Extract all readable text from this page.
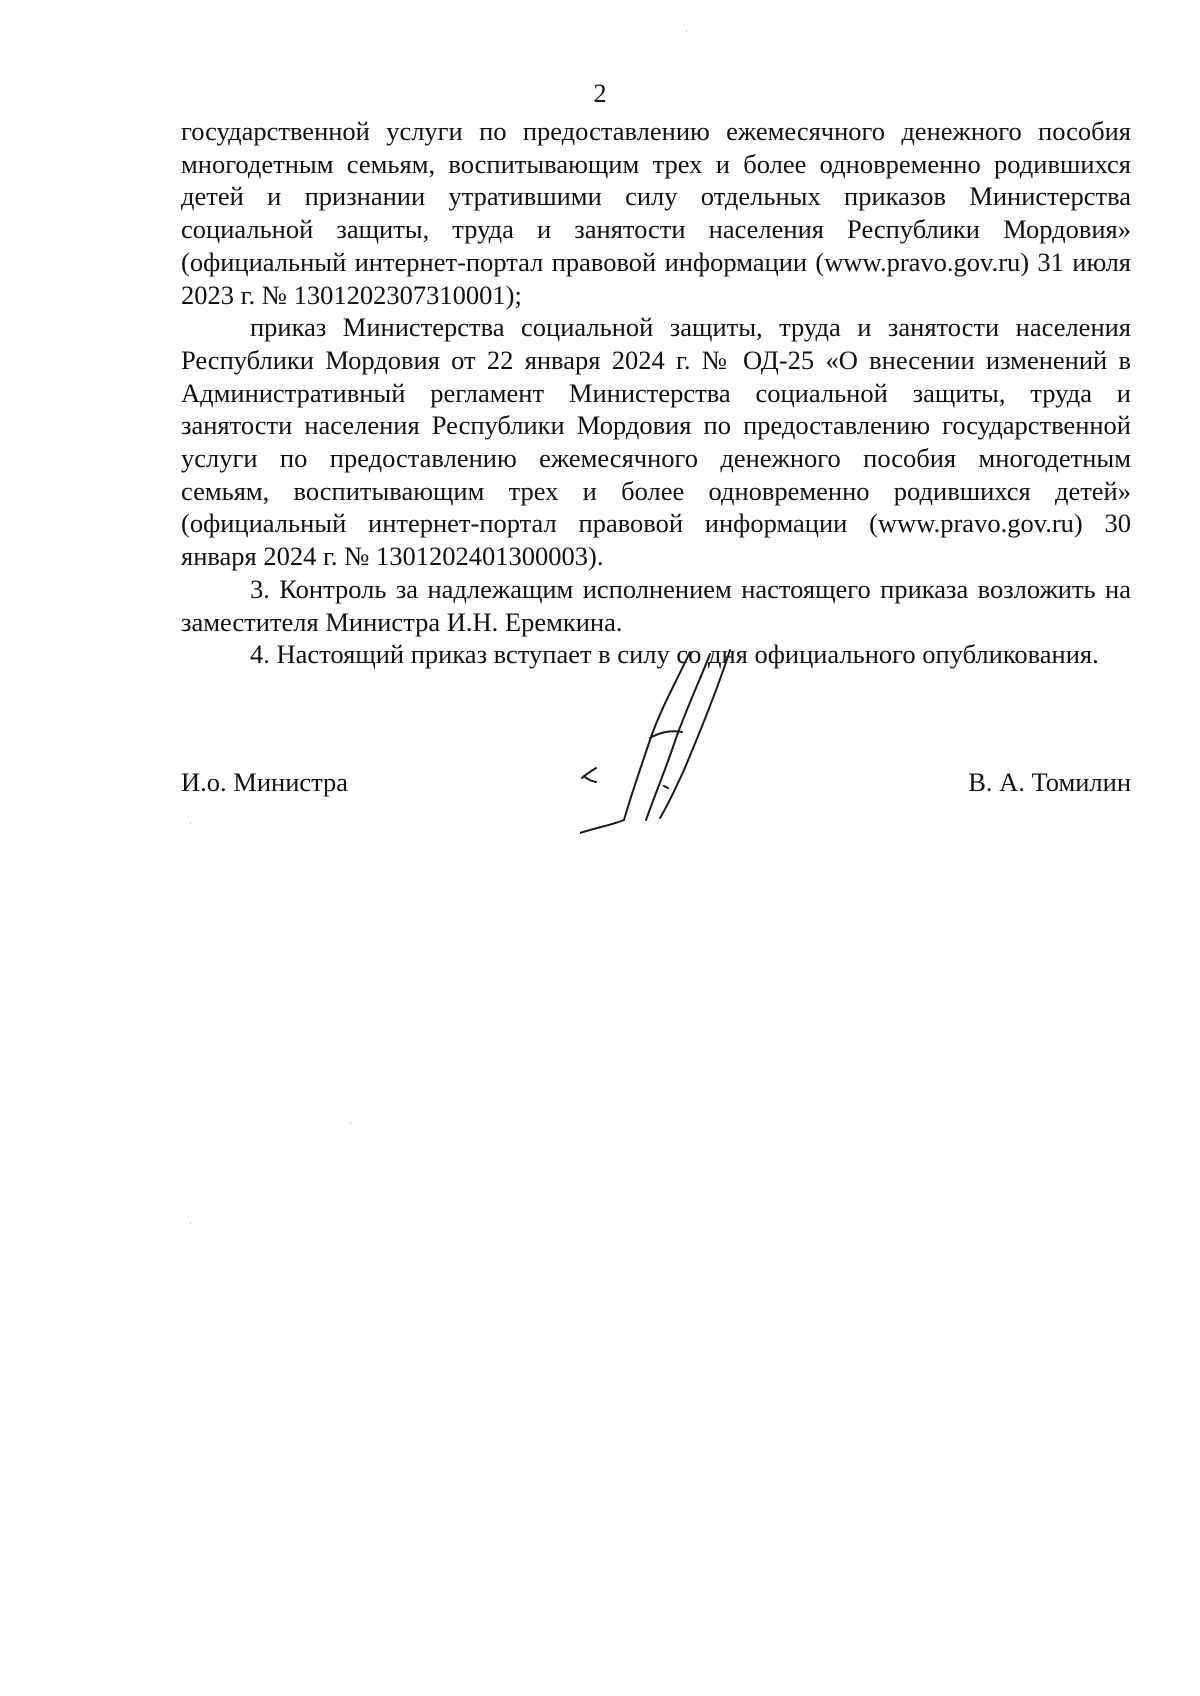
2

государственной услуги по предоставлению ежемесячного денежного пособия многодетным семьям, воспитывающим трех и более одновременно родившихся детей и признании утратившими силу отдельных приказов Министерства социальной защиты, труда и занятости населения Республики Мордовия» (официальный интернет-портал правовой информации (www.pravo.gov.ru) 31 июля 2023 г. № 1301202307310001);

приказ Министерства социальной защиты, труда и занятости населения Республики Мордовия от 22 января 2024 г. № ОД-25 «О внесении изменений в Административный регламент Министерства социальной защиты, труда и занятости населения Республики Мордовия по предоставлению государственной услуги по предоставлению ежемесячного денежного пособия многодетным семьям, воспитывающим трех и более одновременно родившихся детей» (официальный интернет-портал правовой информации (www.pravo.gov.ru) 30 января 2024 г. № 1301202401300003).

3. Контроль за надлежащим исполнением настоящего приказа возложить на заместителя Министра И.Н. Еремкина.

4. Настоящий приказ вступает в силу со дня официального опубликования.

И.о. Министра	В. А. Томилин
